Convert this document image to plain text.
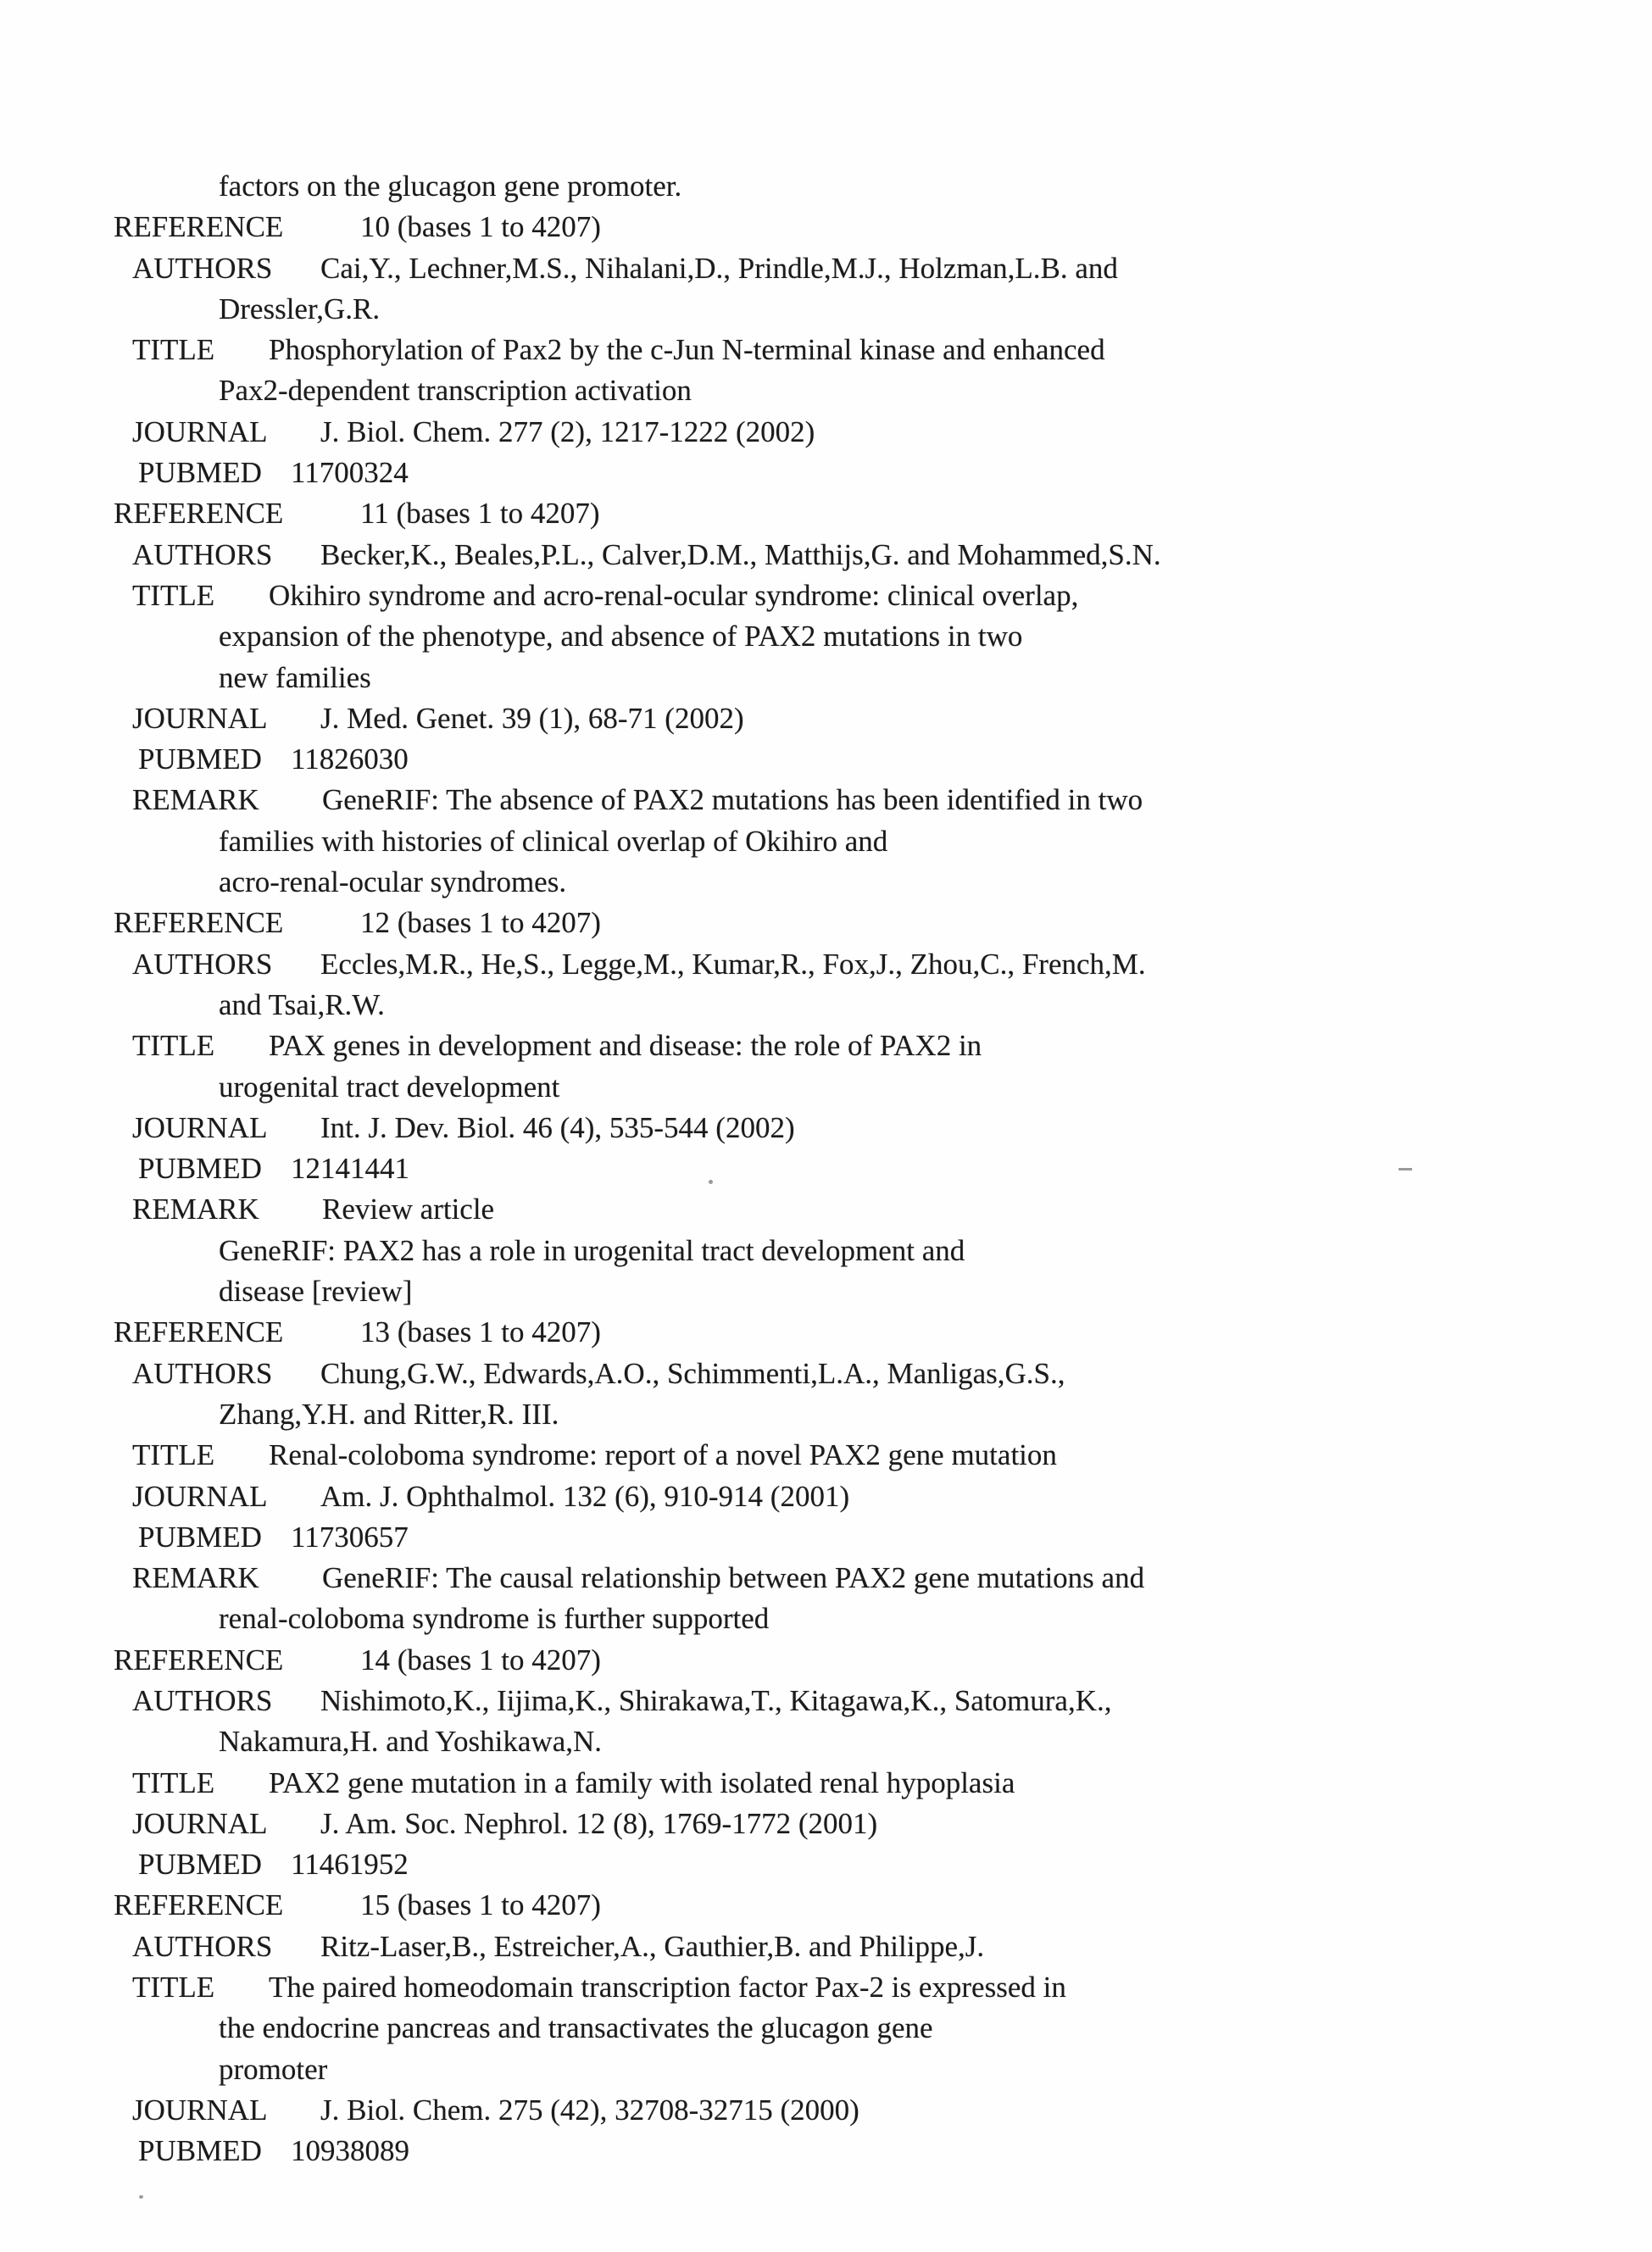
factors on the glucagon gene promoter.
REFERENCE	10 (bases 1 to 4207)
AUTHORS Cai,Y., Lechner,M.S., Nihalani,D., Prindle,M.J., Holzman,L.B. and
Dressler,G.R.
TITLE Phosphorylation of Pax2 by the c-Jun N-terminal kinase and enhanced
Pax2-dependent transcription activation
JOURNAL J. Biol. Chem. 277 (2), 1217-1222 (2002)
PUBMED 11700324
REFERENCE	11 (bases 1 to 4207)
AUTHORS Becker,K., Beales,P.L., Calver,D.M., Matthijs,G. and Mohammed,S.N.
TITLE Okihiro syndrome and acro-renal-ocular syndrome: clinical overlap,
expansion of the phenotype, and absence of PAX2 mutations in two
new families
JOURNAL J. Med. Genet. 39 (1), 68-71 (2002)
PUBMED 11826030
REMARK GeneRIF: The absence of PAX2 mutations has been identified in two
families with histories of clinical overlap of Okihiro and
acro-renal-ocular syndromes.
REFERENCE	12 (bases 1 to 4207)
AUTHORS Eccles,M.R., He,S., Legge,M., Kumar,R., Fox,J., Zhou,C., French,M.
and Tsai,R.W.
TITLE PAX genes in development and disease: the role of PAX2 in
urogenital tract development
JOURNAL Int. J. Dev. Biol. 46 (4), 535-544 (2002)
PUBMED 12141441
REMARK Review article
GeneRIF: PAX2 has a role in urogenital tract development and
disease [review]
REFERENCE	13 (bases 1 to 4207)
AUTHORS Chung,G.W., Edwards,A.O., Schimmenti,L.A., Manligas,G.S.,
Zhang,Y.H. and Ritter,R. III.
TITLE Renal-coloboma syndrome: report of a novel PAX2 gene mutation
JOURNAL Am. J. Ophthalmol. 132 (6), 910-914 (2001)
PUBMED 11730657
REMARK GeneRIF: The causal relationship between PAX2 gene mutations and
renal-coloboma syndrome is further supported
REFERENCE	14 (bases 1 to 4207)
AUTHORS Nishimoto,K., Iijima,K., Shirakawa,T., Kitagawa,K., Satomura,K.,
Nakamura,H. and Yoshikawa,N.
TITLE PAX2 gene mutation in a family with isolated renal hypoplasia
JOURNAL J. Am. Soc. Nephrol. 12 (8), 1769-1772 (2001)
PUBMED 11461952
REFERENCE	15 (bases 1 to 4207)
AUTHORS Ritz-Laser,B., Estreicher,A., Gauthier,B. and Philippe,J.
TITLE The paired homeodomain transcription factor Pax-2 is expressed in
the endocrine pancreas and transactivates the glucagon gene
promoter
JOURNAL J. Biol. Chem. 275 (42), 32708-32715 (2000)
PUBMED 10938089
